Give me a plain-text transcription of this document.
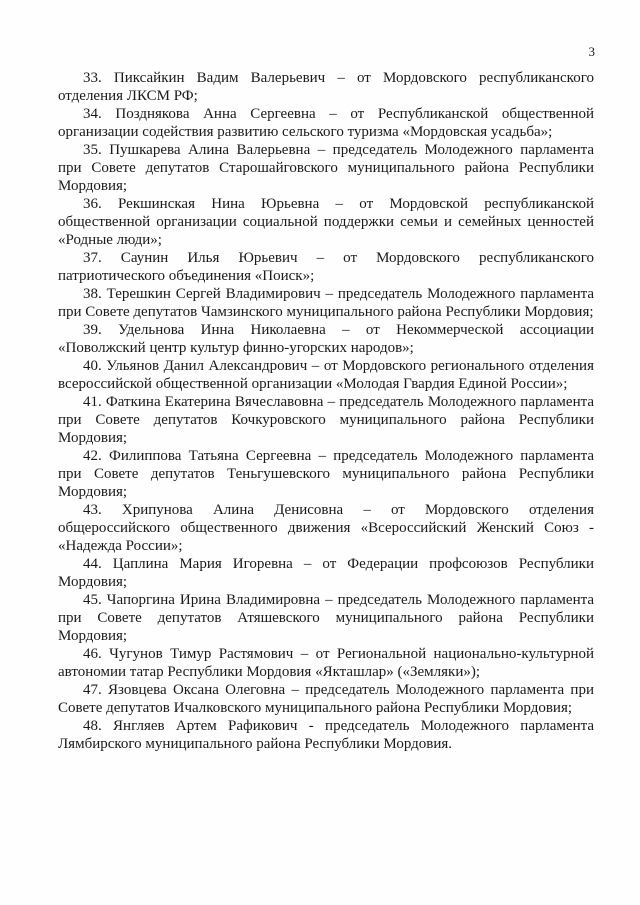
3

33. Пиксайкин Вадим Валерьевич – от Мордовского республиканского отделения ЛКСМ РФ;

34. Позднякова Анна Сергеевна – от Республиканской общественной организации содействия развитию сельского туризма «Мордовская усадьба»;

35. Пушкарева Алина Валерьевна – председатель Молодежного парламента при Совете депутатов Старошайговского муниципального района Республики Мордовия;

36. Рекшинская Нина Юрьевна – от Мордовской республиканской общественной организации социальной поддержки семьи и семейных ценностей «Родные люди»;

37. Саунин Илья Юрьевич – от Мордовского республиканского патриотического объединения «Поиск»;

38. Терешкин Сергей Владимирович – председатель Молодежного парламента при Совете депутатов Чамзинского муниципального района Республики Мордовия;

39. Удельнова Инна Николаевна – от Некоммерческой ассоциации «Поволжский центр культур финно-угорских народов»;

40. Ульянов Данил Александрович – от Мордовского регионального отделения всероссийской общественной организации «Молодая Гвардия Единой России»;

41. Фаткина Екатерина Вячеславовна – председатель Молодежного парламента при Совете депутатов Кочкуровского муниципального района Республики Мордовия;

42. Филиппова Татьяна Сергеевна – председатель Молодежного парламента при Совете депутатов Теньгушевского муниципального района Республики Мордовия;

43. Хрипунова Алина Денисовна – от Мордовского отделения общероссийского общественного движения «Всероссийский Женский Союз - «Надежда России»;

44. Цаплина Мария Игоревна – от Федерации профсоюзов Республики Мордовия;

45. Чапоргина Ирина Владимировна – председатель Молодежного парламента при Совете депутатов Атяшевского муниципального района Республики Мордовия;

46. Чугунов Тимур Растямович – от Региональной национально-культурной автономии татар Республики Мордовия «Якташлар» («Земляки»);

47. Язовцева Оксана Олеговна – председатель Молодежного парламента при Совете депутатов Ичалковского муниципального района Республики Мордовия;

48. Янгляев Артем Рафикович - председатель Молодежного парламента Лямбирского муниципального района Республики Мордовия.
